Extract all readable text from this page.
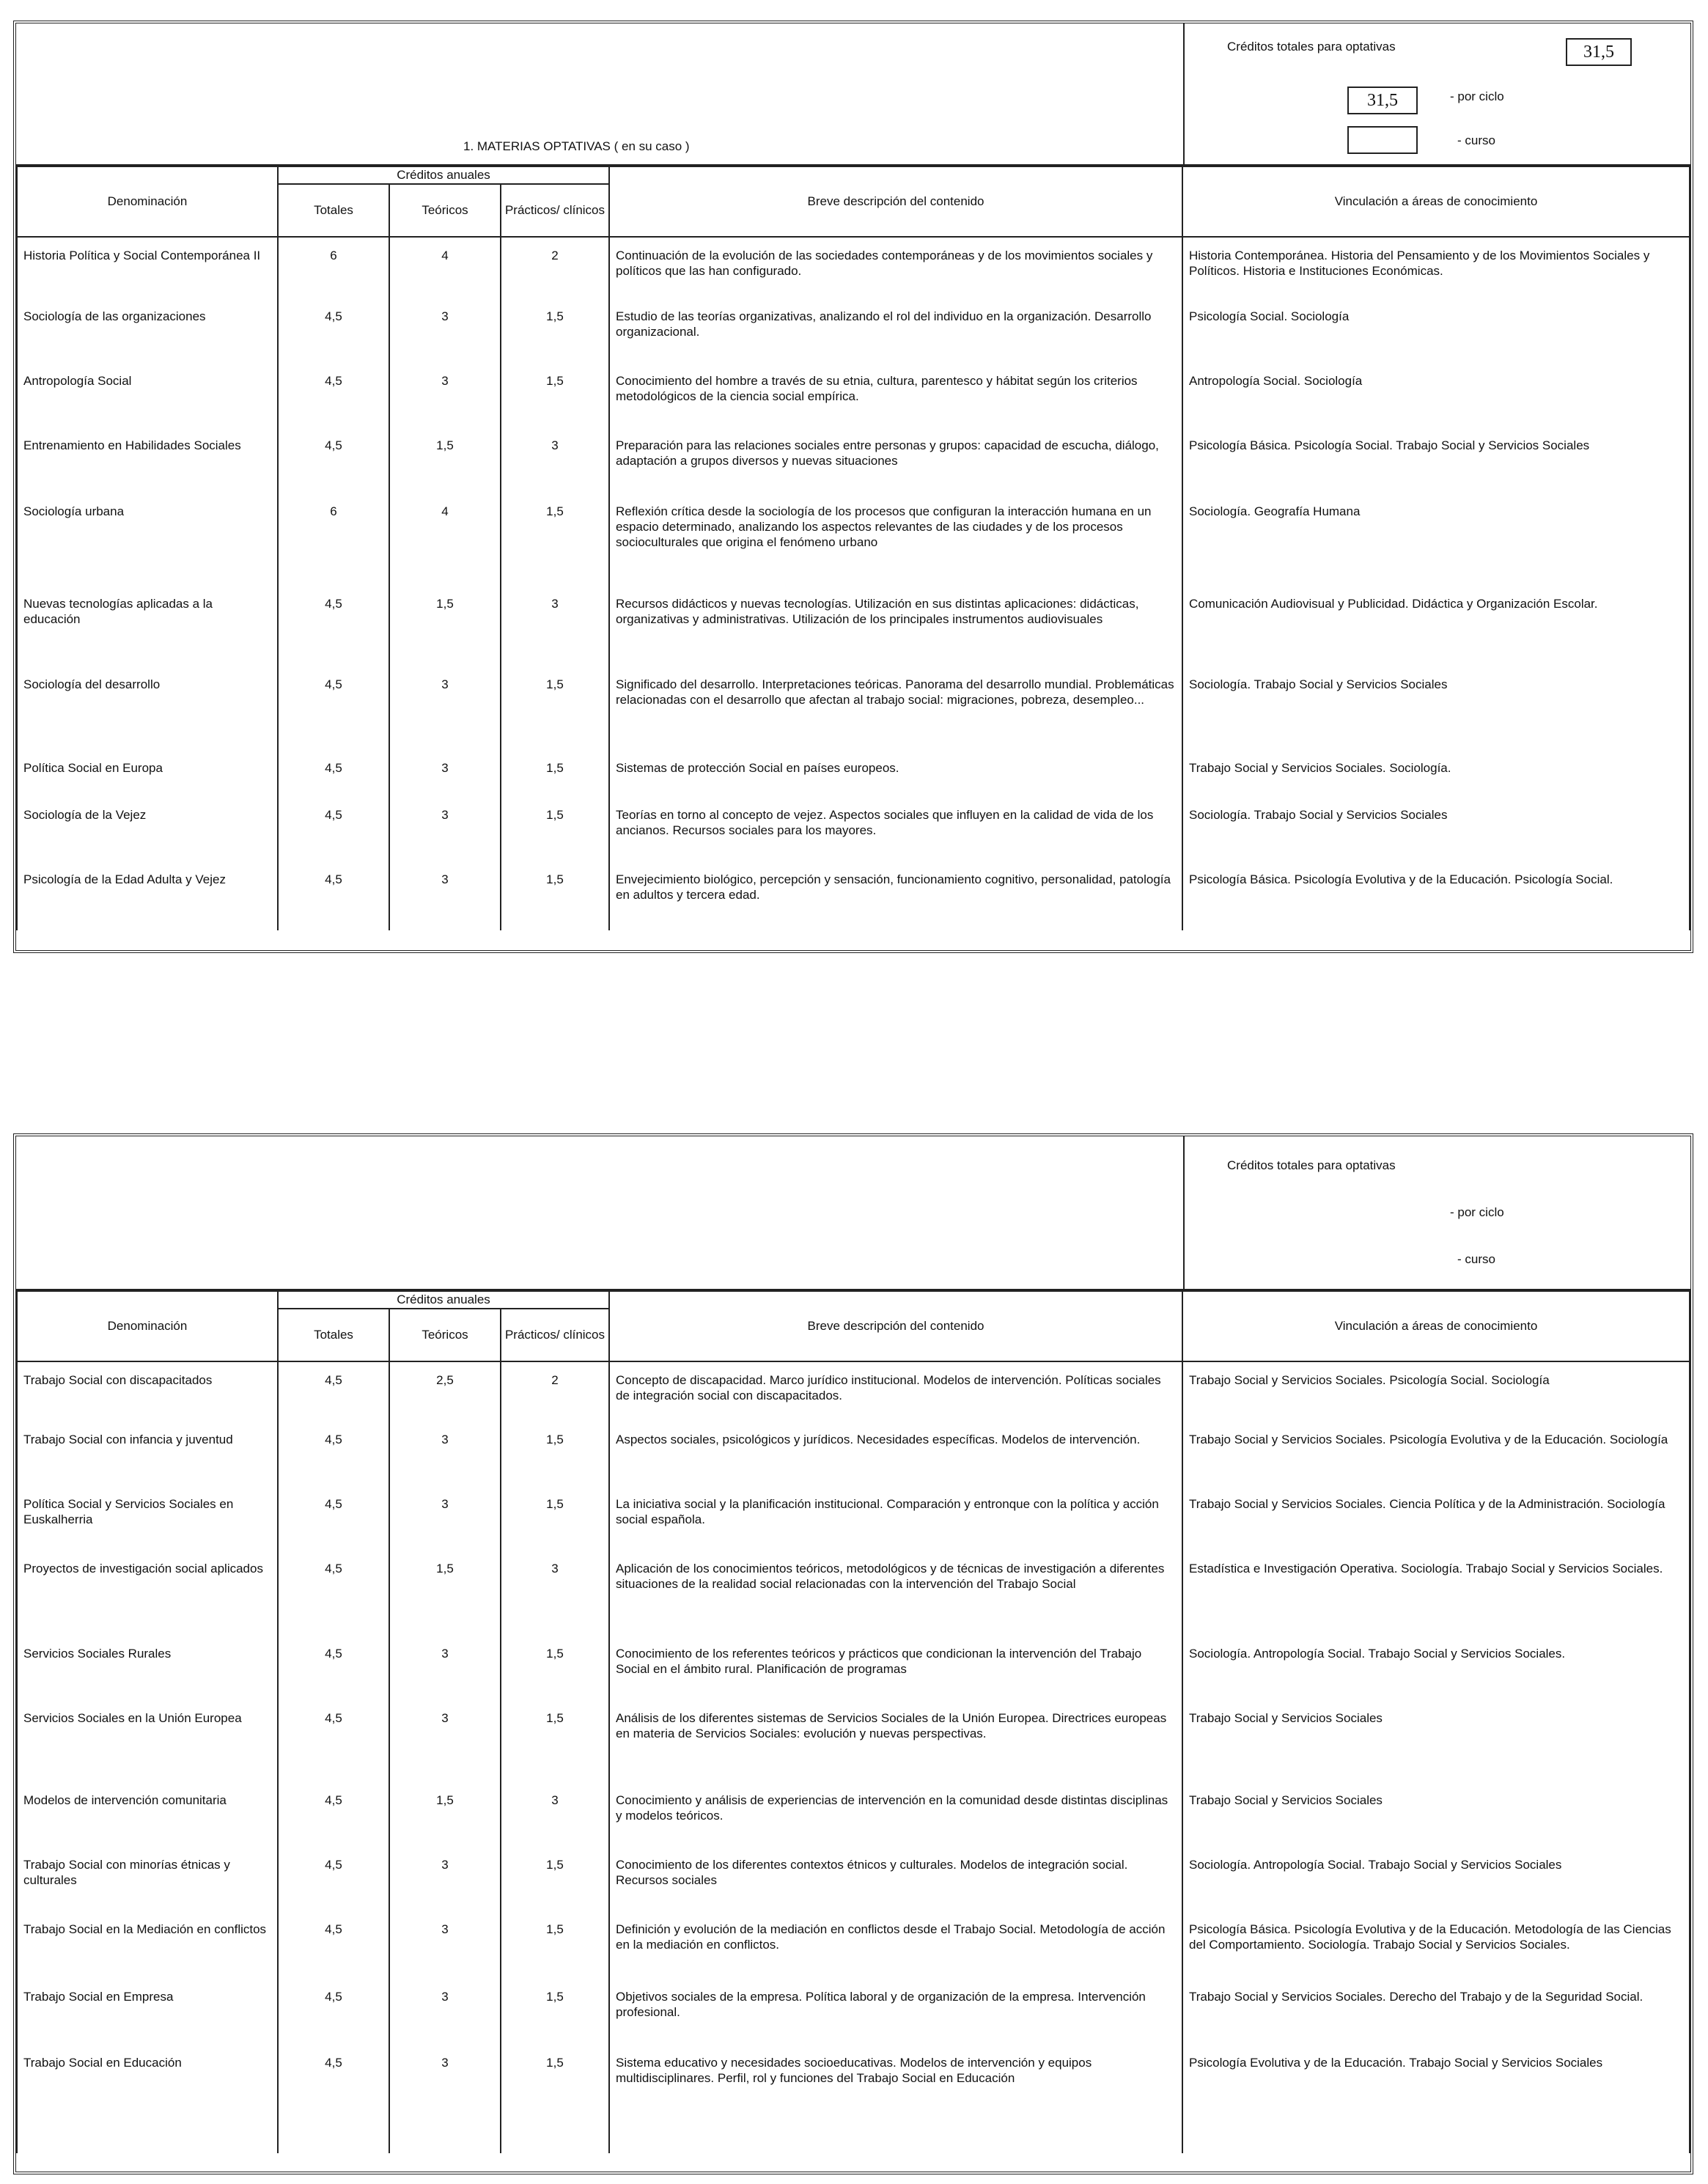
1. MATERIAS OPTATIVAS ( en su caso )
Créditos totales para optativas	31,5
31,5	- por ciclo
- curso
Denominación	Créditos anuales			Breve descripción del contenido	Vinculación a áreas de conocimiento
	Totales	Teóricos	Prácticos/ clínicos		
Historia Política y Social Contemporánea II	6	4	2	Continuación de la evolución de las sociedades contemporáneas y de los movimientos sociales y políticos que las han configurado.	Historia Contemporánea. Historia del Pensamiento y de los Movimientos Sociales y Políticos. Historia e Instituciones Económicas.
Sociología de las organizaciones	4,5	3	1,5	Estudio de las teorías organizativas, analizando el rol del individuo en la organización. Desarrollo organizacional.	Psicología Social. Sociología
Antropología Social	4,5	3	1,5	Conocimiento del hombre a través de su etnia, cultura, parentesco y hábitat según los criterios metodológicos de la ciencia social empírica.	Antropología Social. Sociología
Entrenamiento en Habilidades Sociales	4,5	1,5	3	Preparación para las relaciones sociales entre personas y grupos: capacidad de escucha, diálogo, adaptación a grupos diversos y nuevas situaciones	Psicología Básica. Psicología Social. Trabajo Social y Servicios Sociales
Sociología urbana	6	4	1,5	Reflexión crítica desde la sociología de los procesos que configuran la interacción humana en un espacio determinado, analizando los aspectos relevantes de las ciudades y de los procesos socioculturales que origina el fenómeno urbano	Sociología. Geografía Humana
Nuevas tecnologías aplicadas a la educación	4,5	1,5	3	Recursos didácticos y nuevas tecnologías. Utilización en sus distintas aplicaciones: didácticas, organizativas y administrativas. Utilización de los principales instrumentos audiovisuales	Comunicación Audiovisual y Publicidad. Didáctica y Organización Escolar.
Sociología del desarrollo	4,5	3	1,5	Significado del desarrollo. Interpretaciones teóricas. Panorama del desarrollo mundial. Problemáticas relacionadas con el desarrollo que afectan al trabajo social: migraciones, pobreza, desempleo...	Sociología. Trabajo Social y Servicios Sociales
Política Social en Europa	4,5	3	1,5	Sistemas de protección Social en países europeos.	Trabajo Social y Servicios Sociales. Sociología.
Sociología de la Vejez	4,5	3	1,5	Teorías en torno al concepto de vejez. Aspectos sociales que influyen en la calidad de vida de los ancianos. Recursos sociales para los mayores.	Sociología. Trabajo Social y Servicios Sociales
Psicología de la Edad Adulta y Vejez	4,5	3	1,5	Envejecimiento biológico, percepción y sensación, funcionamiento cognitivo, personalidad, patología en adultos y tercera edad.	Psicología Básica. Psicología Evolutiva y de la Educación. Psicología Social.
Créditos totales para optativas
- por ciclo
- curso
Denominación	Créditos anuales			Breve descripción del contenido	Vinculación a áreas de conocimiento
	Totales	Teóricos	Prácticos/ clínicos		
Trabajo Social con discapacitados	4,5	2,5	2	Concepto de discapacidad. Marco jurídico institucional. Modelos de intervención. Políticas sociales de integración social con discapacitados.	Trabajo Social y Servicios Sociales. Psicología Social. Sociología
Trabajo Social con infancia y juventud	4,5	3	1,5	Aspectos sociales, psicológicos y jurídicos. Necesidades específicas. Modelos de intervención.	Trabajo Social y Servicios Sociales. Psicología Evolutiva y de la Educación. Sociología
Política Social y Servicios Sociales en Euskalherria	4,5	3	1,5	La iniciativa social y la planificación institucional. Comparación y entronque con la política y acción social española.	Trabajo Social y Servicios Sociales. Ciencia Política y de la Administración. Sociología
Proyectos de investigación social aplicados	4,5	1,5	3	Aplicación de los conocimientos teóricos, metodológicos y de técnicas de investigación a diferentes situaciones de la realidad social relacionadas con la intervención del Trabajo Social	Estadística e Investigación Operativa. Sociología. Trabajo Social y Servicios Sociales.
Servicios Sociales Rurales	4,5	3	1,5	Conocimiento de los referentes teóricos y prácticos que condicionan la intervención del Trabajo Social en el ámbito rural. Planificación de programas	Sociología. Antropología Social. Trabajo Social y Servicios Sociales.
Servicios Sociales en la Unión Europea	4,5	3	1,5	Análisis de los diferentes sistemas de Servicios Sociales de la Unión Europea. Directrices europeas en materia de Servicios Sociales: evolución y nuevas perspectivas.	Trabajo Social y Servicios Sociales
Modelos de intervención comunitaria	4,5	1,5	3	Conocimiento y análisis de experiencias de intervención en la comunidad desde distintas disciplinas y modelos teóricos.	Trabajo Social y Servicios Sociales
Trabajo Social con minorías étnicas y culturales	4,5	3	1,5	Conocimiento de los diferentes contextos étnicos y culturales. Modelos de integración social. Recursos sociales	Sociología. Antropología Social. Trabajo Social y Servicios Sociales
Trabajo Social en la Mediación en conflictos	4,5	3	1,5	Definición y evolución de la mediación en conflictos desde el Trabajo Social. Metodología de acción en la mediación en conflictos.	Psicología Básica. Psicología Evolutiva y de la Educación. Metodología de las Ciencias del Comportamiento. Sociología. Trabajo Social y Servicios Sociales.
Trabajo Social en Empresa	4,5	3	1,5	Objetivos sociales de la empresa. Política laboral y de organización de la empresa. Intervención profesional.	Trabajo Social y Servicios Sociales. Derecho del Trabajo y de la Seguridad Social.
Trabajo Social en Educación	4,5	3	1,5	Sistema educativo y necesidades socioeducativas. Modelos de intervención y equipos multidisciplinares. Perfil, rol y funciones del Trabajo Social en Educación	Psicología Evolutiva y de la Educación. Trabajo Social y Servicios Sociales
